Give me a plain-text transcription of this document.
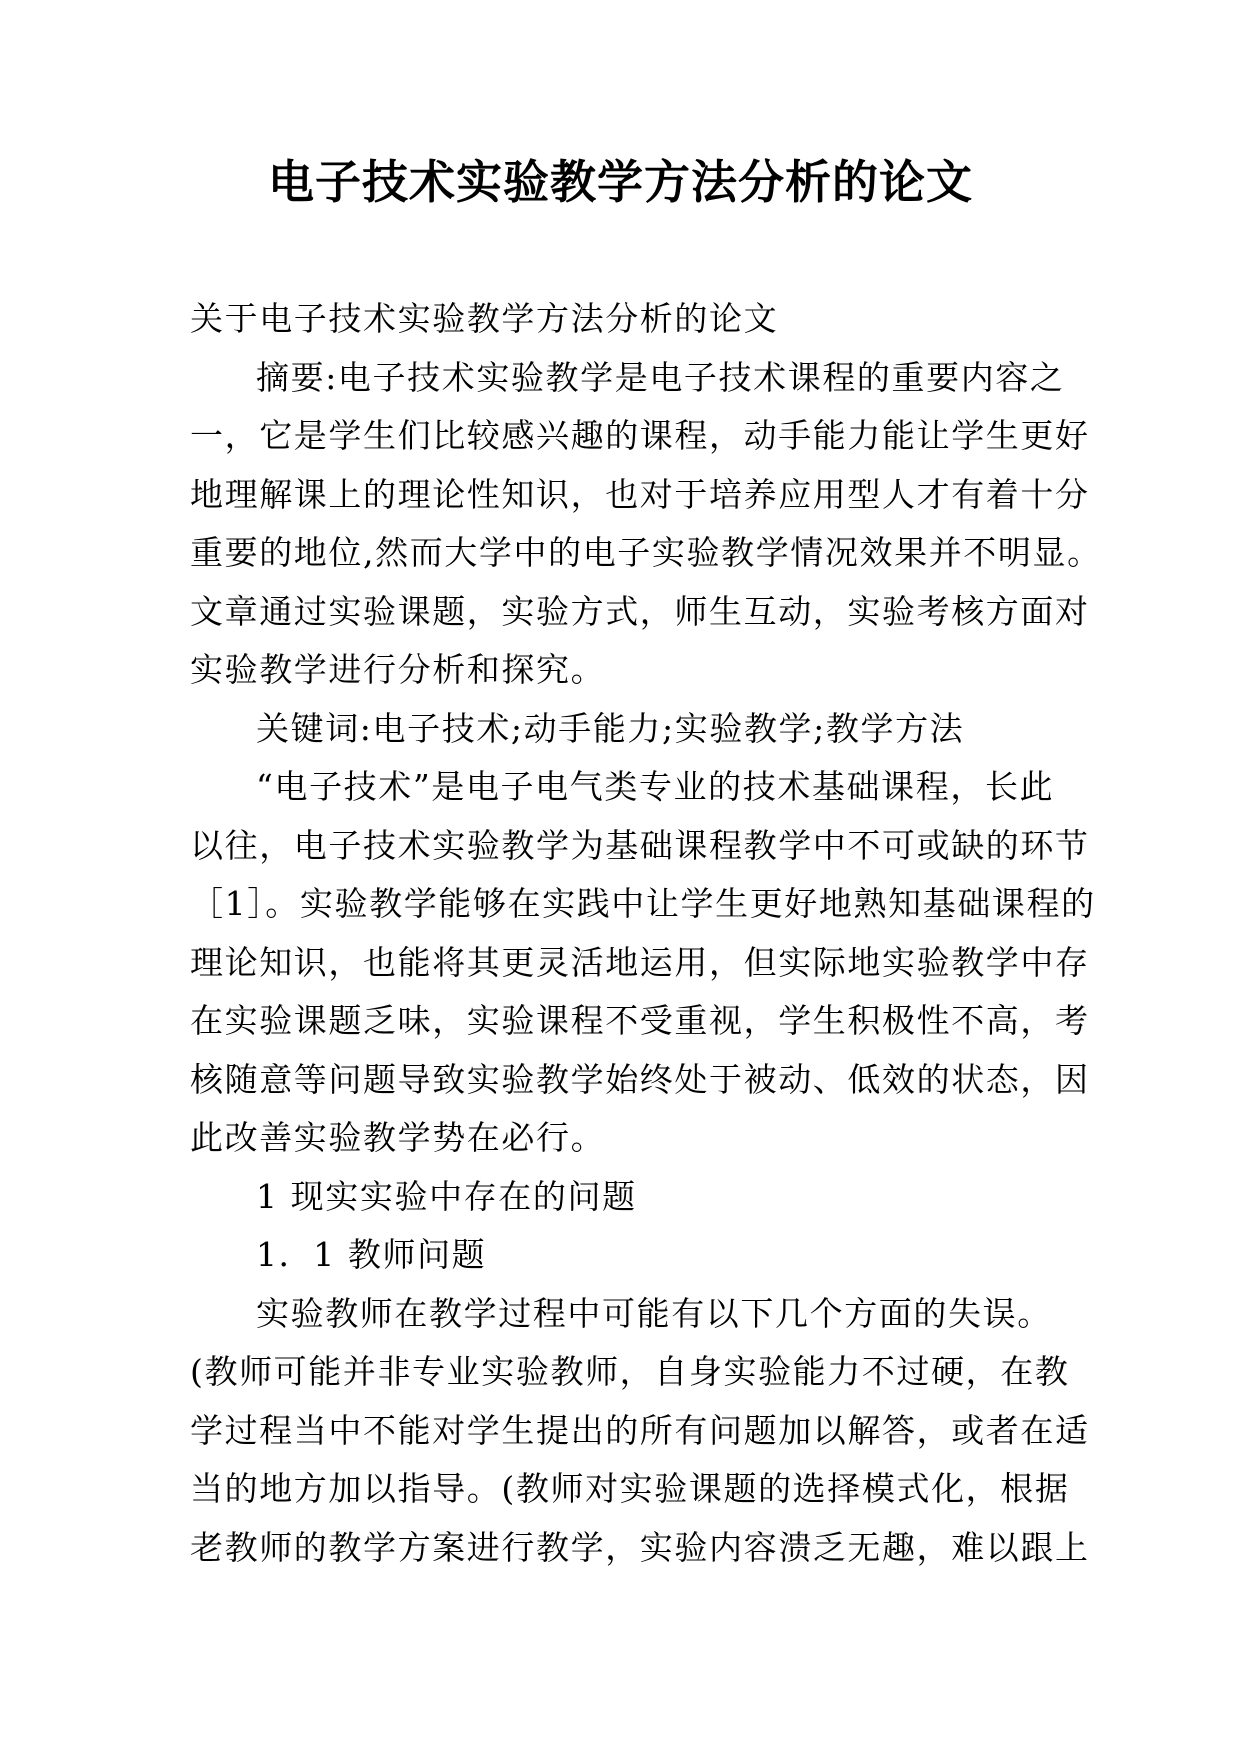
电子技术实验教学方法分析的论文
关于电子技术实验教学方法分析的论文
摘要:电子技术实验教学是电子技术课程的重要内容之
一，它是学生们比较感兴趣的课程，动手能力能让学生更好
地理解课上的理论性知识，也对于培养应用型人才有着十分
重要的地位,然而大学中的电子实验教学情况效果并不明显。
文章通过实验课题，实验方式，师生互动，实验考核方面对
实验教学进行分析和探究。
关键词:电子技术;动手能力;实验教学;教学方法
“电子技术”是电子电气类专业的技术基础课程，长此
以往，电子技术实验教学为基础课程教学中不可或缺的环节
［1］。实验教学能够在实践中让学生更好地熟知基础课程的
理论知识，也能将其更灵活地运用，但实际地实验教学中存
在实验课题乏味，实验课程不受重视，学生积极性不高，考
核随意等问题导致实验教学始终处于被动、低效的状态，因
此改善实验教学势在必行。
1 现实实验中存在的问题
1．1 教师问题
实验教师在教学过程中可能有以下几个方面的失误。
(教师可能并非专业实验教师，自身实验能力不过硬，在教
学过程当中不能对学生提出的所有问题加以解答，或者在适
当的地方加以指导。(教师对实验课题的选择模式化，根据
老教师的教学方案进行教学，实验内容溃乏无趣，难以跟上
